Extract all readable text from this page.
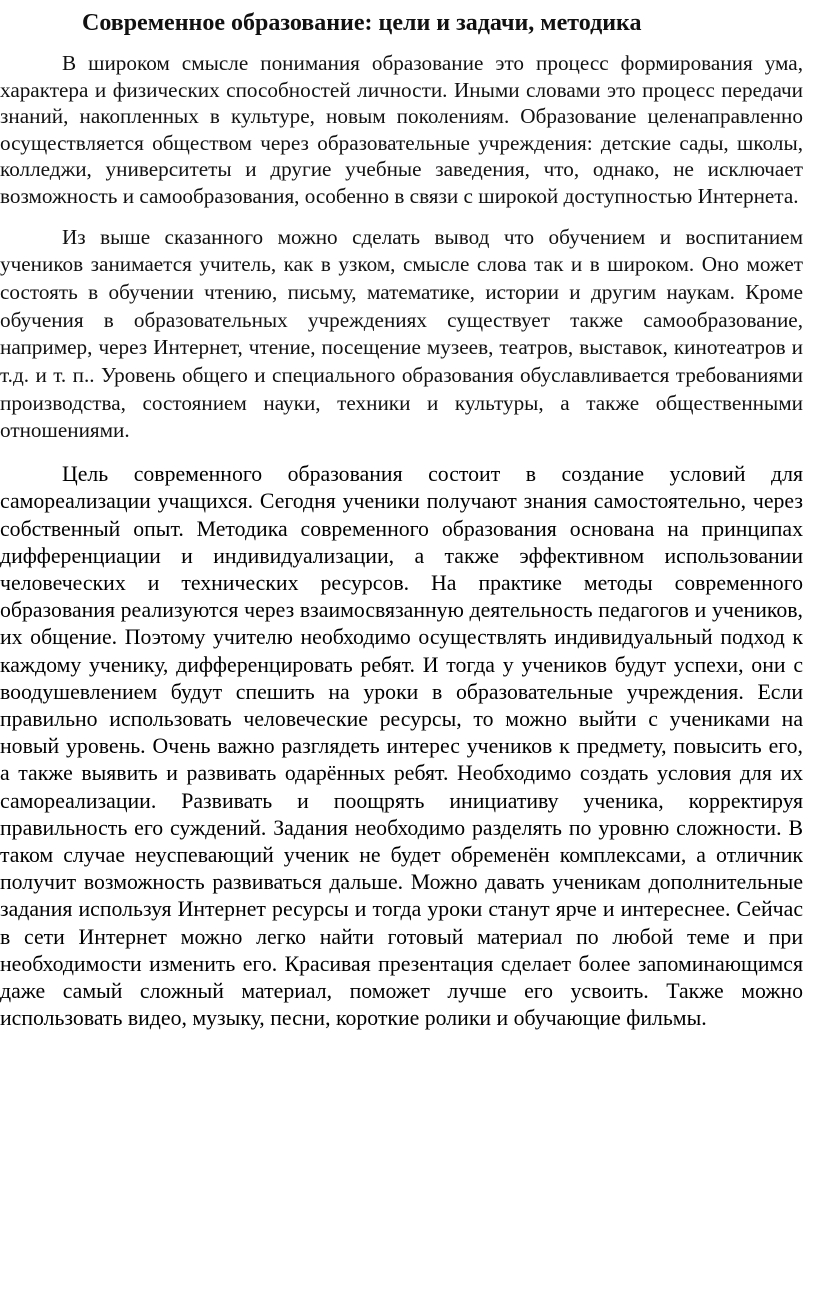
Современное образование: цели и задачи, методика

В широком смысле понимания образование это процесс формирования ума, характера и физических способностей личности. Иными словами это процесс передачи знаний, накопленных в культуре, новым поколениям. Образование целенаправленно осуществляется обществом через образовательные учреждения: детские сады, школы, колледжи, университеты и другие учебные заведения, что, однако, не исключает возможность и самообразования, особенно в связи с широкой доступностью Интернета.

Из выше сказанного можно сделать вывод что обучением и воспитанием учеников занимается учитель, как в узком, смысле слова так и в широком. Оно может состоять в обучении чтению, письму, математике, истории и другим наукам. Кроме обучения в образовательных учреждениях существует также самообразование, например, через Интернет, чтение, посещение музеев, театров, выставок, кинотеатров и т.д. и т. п.. Уровень общего и специального образования обуславливается требованиями производства, состоянием науки, техники и культуры, а также общественными отношениями.

Цель современного образования состоит в создание условий для самореализации учащихся. Сегодня ученики получают знания самостоятельно, через собственный опыт. Методика современного образования основана на принципах дифференциации и индивидуализации, а также эффективном использовании человеческих и технических ресурсов. На практике методы современного образования реализуются через взаимосвязанную деятельность педагогов и учеников, их общение. Поэтому учителю необходимо осуществлять индивидуальный подход к каждому ученику, дифференцировать ребят. И тогда у учеников будут успехи, они с воодушевлением будут спешить на уроки в образовательные учреждения. Если правильно использовать человеческие ресурсы, то можно выйти с учениками на новый уровень. Очень важно разглядеть интерес учеников к предмету, повысить его, а также выявить и развивать одарённых ребят. Необходимо создать условия для их самореализации. Развивать и поощрять инициативу ученика, корректируя правильность его суждений. Задания необходимо разделять по уровню сложности. В таком случае неуспевающий ученик не будет обременён комплексами, а отличник получит возможность развиваться дальше. Можно давать ученикам дополнительные задания используя Интернет ресурсы и тогда уроки станут ярче и интереснее. Сейчас в сети Интернет можно легко найти готовый материал по любой теме и при необходимости изменить его. Красивая презентация сделает более запоминающимся даже самый сложный материал, поможет лучше его усвоить. Также можно использовать видео, музыку, песни, короткие ролики и обучающие фильмы.
